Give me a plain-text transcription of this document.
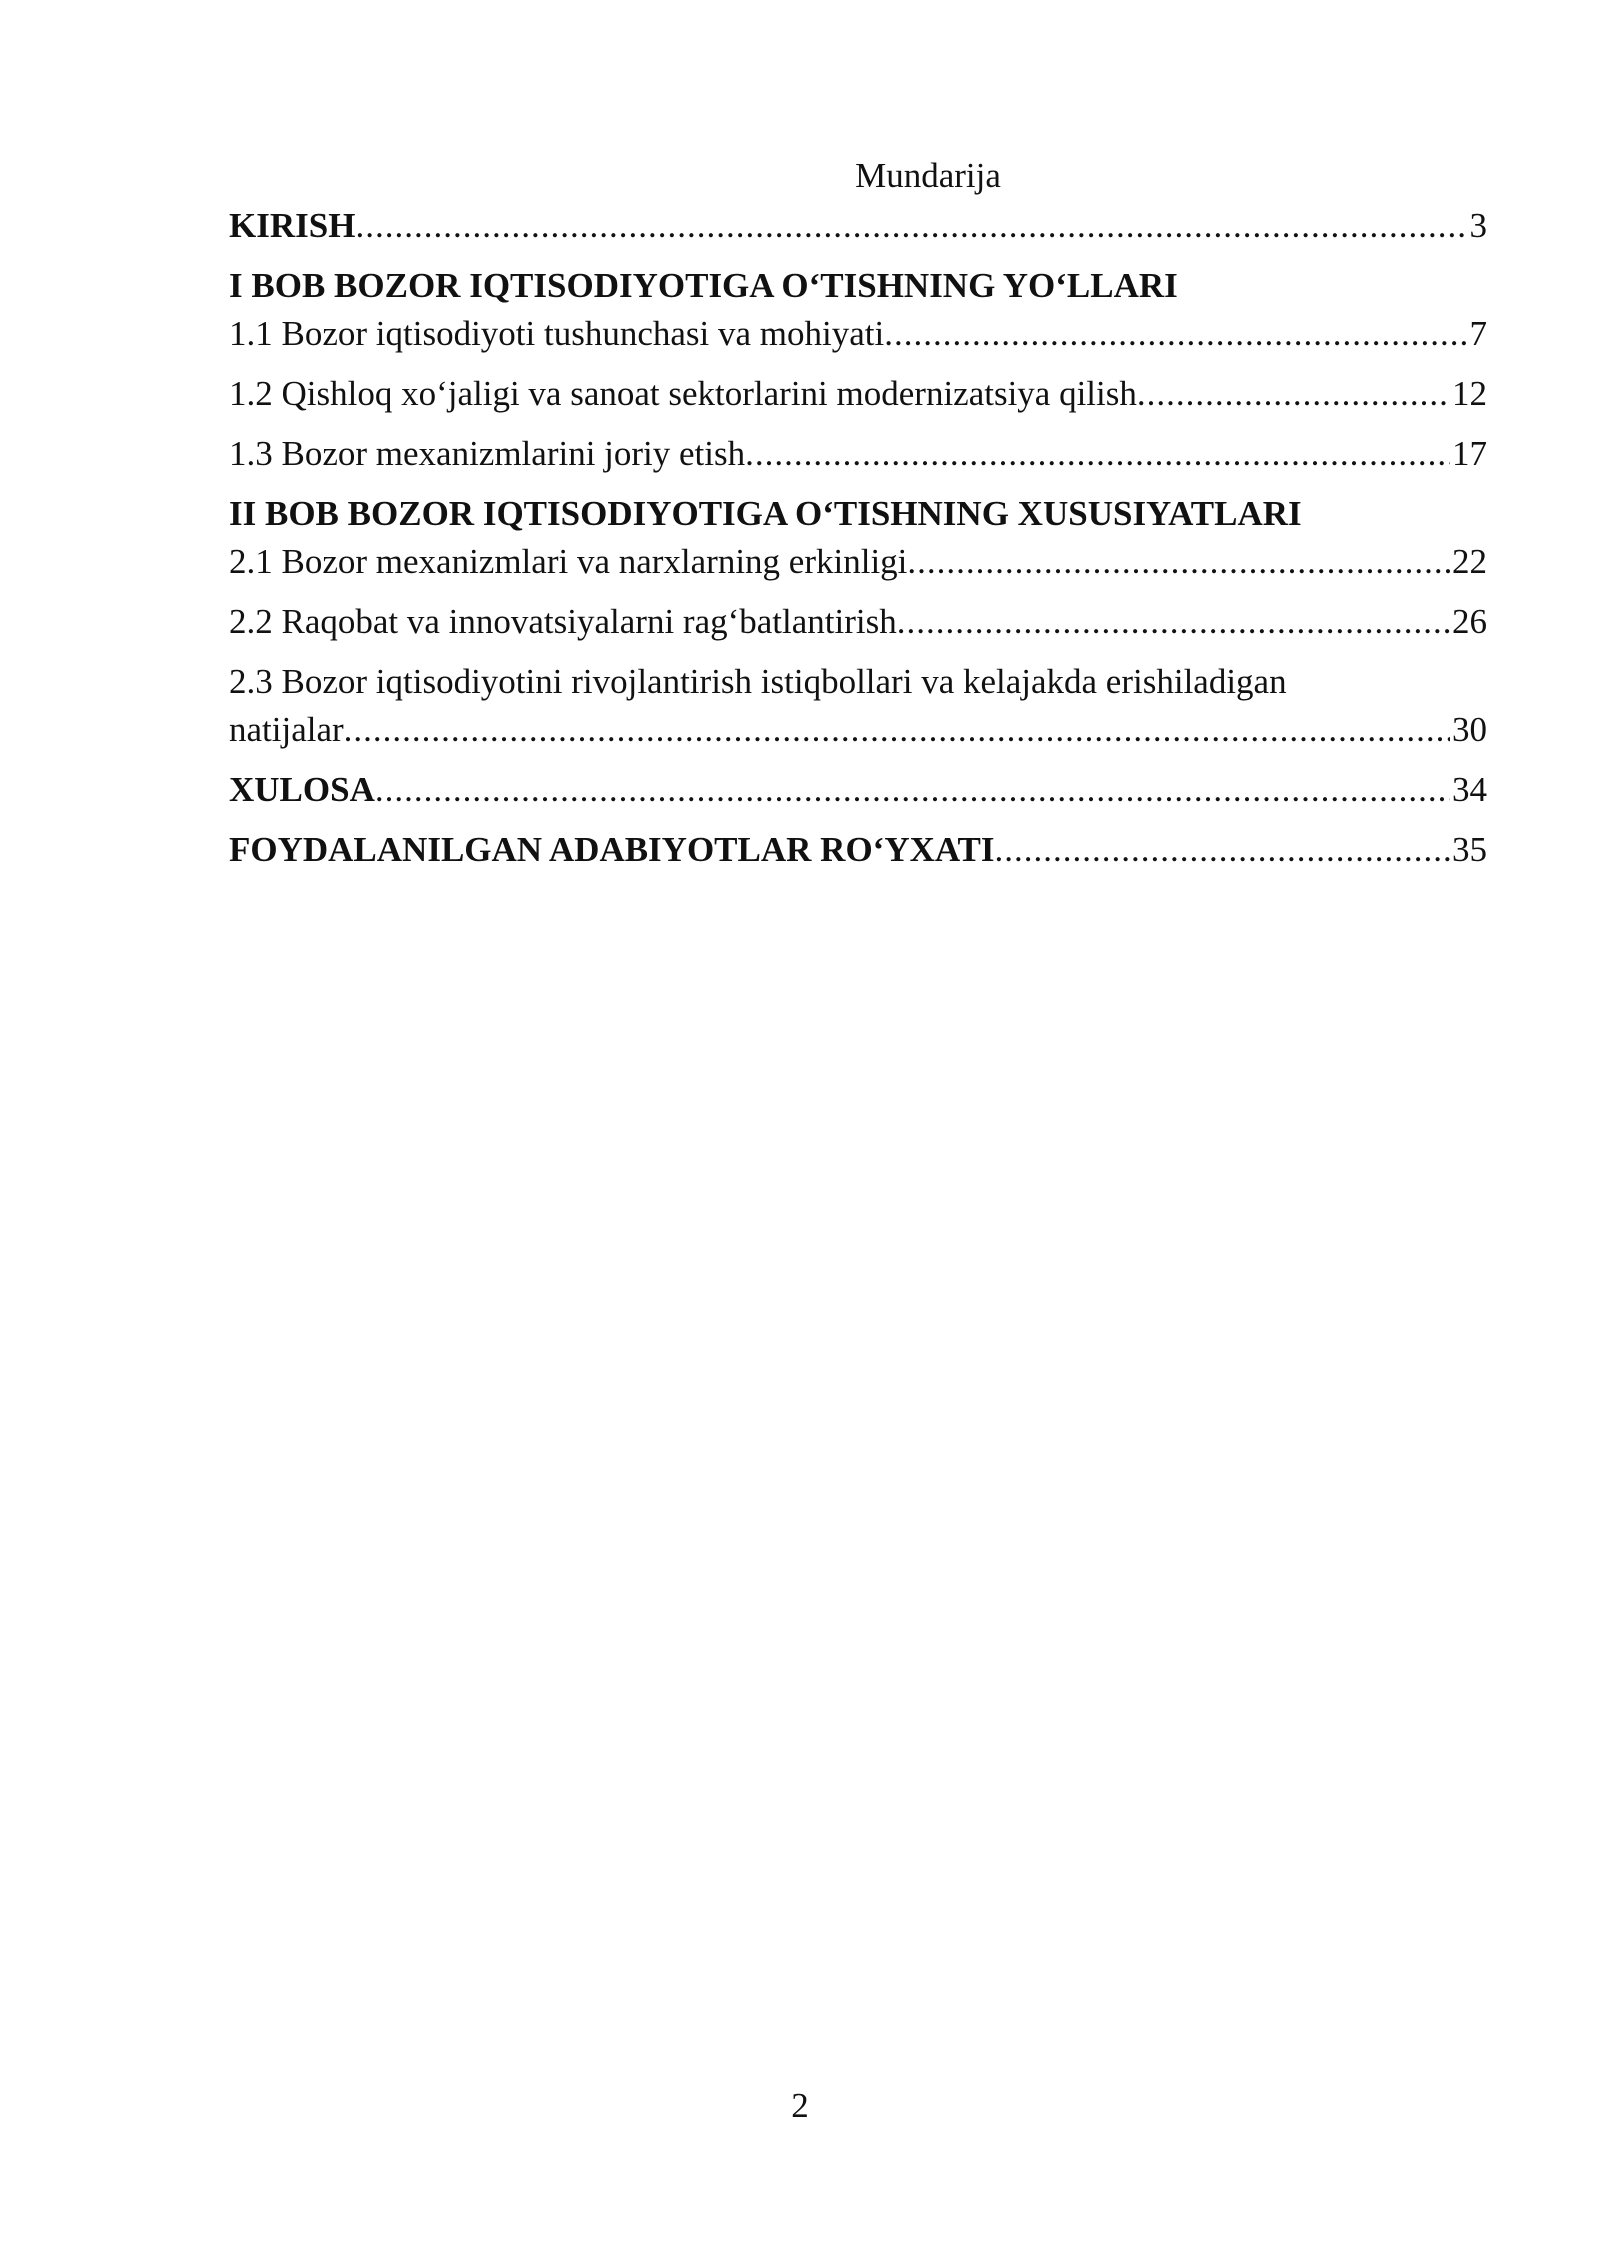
Mundarija
KIRISH .....	3
I BOB BOZOR IQTISODIYOTIGA O‘TISHNING YO‘LLARI
1.1 Bozor iqtisodiyoti tushunchasi va mohiyati .....	7
1.2 Qishloq xo‘jaligi va sanoat sektorlarini modernizatsiya qilish .....	12
1.3 Bozor mexanizmlarini joriy etish .....	17
II BOB BOZOR IQTISODIYOTIGA O‘TISHNING XUSUSIYATLARI
2.1 Bozor mexanizmlari va narxlarning erkinligi .....	22
2.2 Raqobat va innovatsiyalarni rag‘batlantirish .....	26
2.3 Bozor iqtisodiyotini rivojlantirish istiqbollari va kelajakda erishiladigan
natijalar .....	30
XULOSA .....	34
FOYDALANILGAN ADABIYOTLAR RO‘YXATI .....	35
2
